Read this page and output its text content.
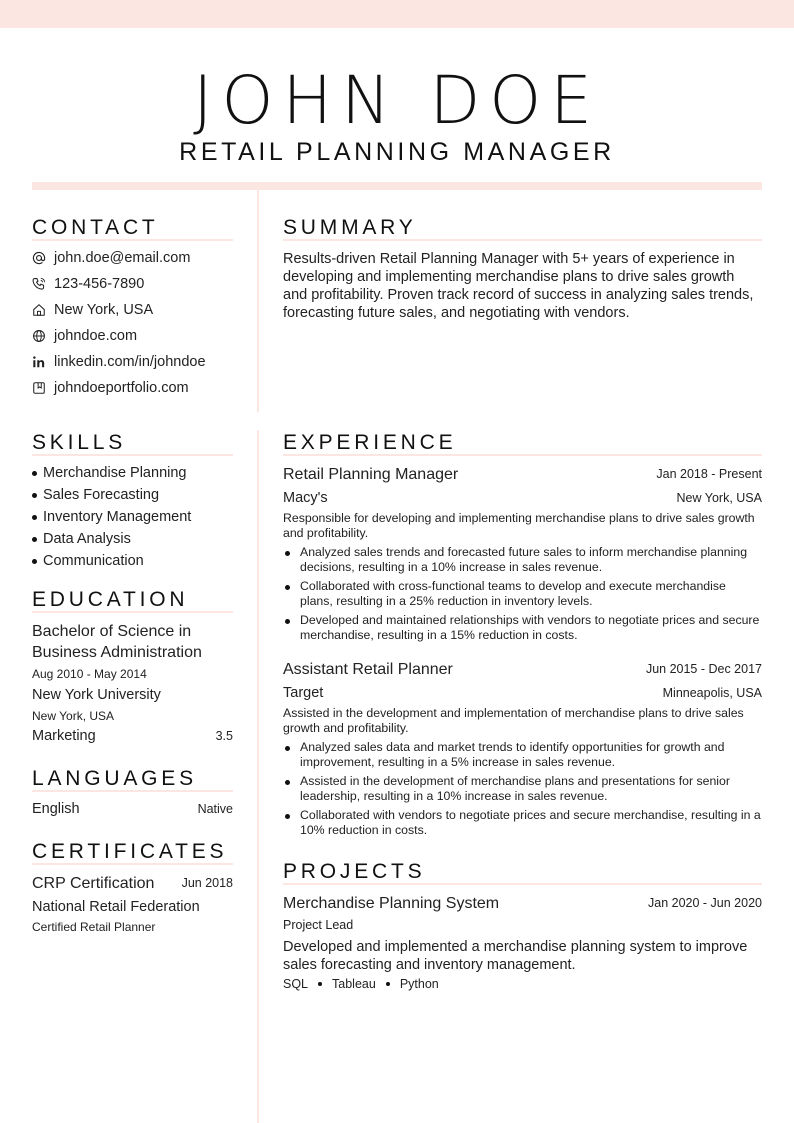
JOHN DOE
RETAIL PLANNING MANAGER
CONTACT
john.doe@email.com
123-456-7890
New York, USA
johndoe.com
linkedin.com/in/johndoe
johndoeportfolio.com
SUMMARY
Results-driven Retail Planning Manager with 5+ years of experience in developing and implementing merchandise plans to drive sales growth and profitability. Proven track record of success in analyzing sales trends, forecasting future sales, and negotiating with vendors.
SKILLS
Merchandise Planning
Sales Forecasting
Inventory Management
Data Analysis
Communication
EDUCATION
Bachelor of Science in
Business Administration
Aug 2010 - May 2014
New York University
New York, USA
Marketing	3.5
LANGUAGES
English	Native
CERTIFICATES
CRP Certification	Jun 2018
National Retail Federation
Certified Retail Planner
EXPERIENCE
Retail Planning Manager	Jan 2018 - Present
Macy's	New York, USA
Responsible for developing and implementing merchandise plans to drive sales growth and profitability.
Analyzed sales trends and forecasted future sales to inform merchandise planning decisions, resulting in a 10% increase in sales revenue.
Collaborated with cross-functional teams to develop and execute merchandise plans, resulting in a 25% reduction in inventory levels.
Developed and maintained relationships with vendors to negotiate prices and secure merchandise, resulting in a 15% reduction in costs.
Assistant Retail Planner	Jun 2015 - Dec 2017
Target	Minneapolis, USA
Assisted in the development and implementation of merchandise plans to drive sales growth and profitability.
Analyzed sales data and market trends to identify opportunities for growth and improvement, resulting in a 5% increase in sales revenue.
Assisted in the development of merchandise plans and presentations for senior leadership, resulting in a 10% increase in sales revenue.
Collaborated with vendors to negotiate prices and secure merchandise, resulting in a 10% reduction in costs.
PROJECTS
Merchandise Planning System	Jan 2020 - Jun 2020
Project Lead
Developed and implemented a merchandise planning system to improve sales forecasting and inventory management.
SQL Tableau Python
